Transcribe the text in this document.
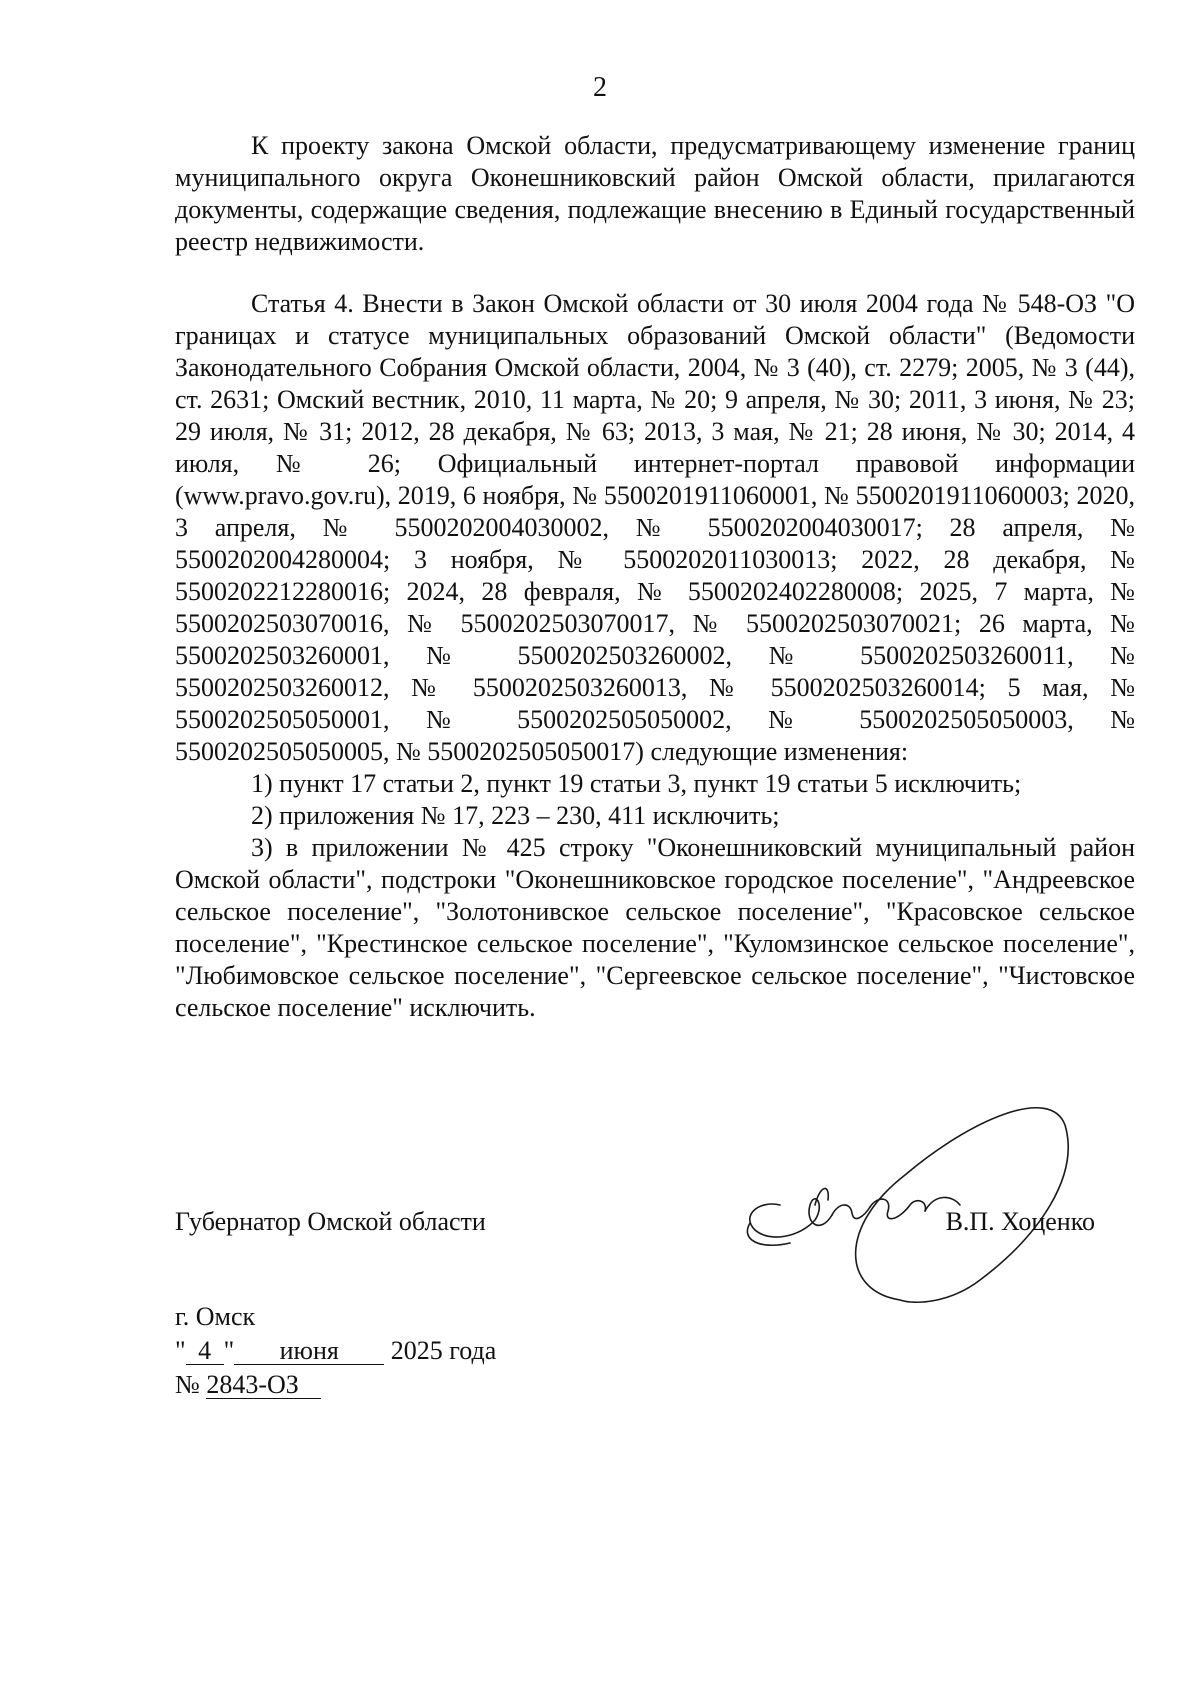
2

К проекту закона Омской области, предусматривающему изменение границ муниципального округа Оконешниковский район Омской области, прилагаются документы, содержащие сведения, подлежащие внесению в Единый государственный реестр недвижимости.

Статья 4. Внести в Закон Омской области от 30 июля 2004 года № 548-ОЗ "О границах и статусе муниципальных образований Омской области" (Ведомости Законодательного Собрания Омской области, 2004, № 3 (40), ст. 2279; 2005, № 3 (44), ст. 2631; Омский вестник, 2010, 11 марта, № 20; 9 апреля, № 30; 2011, 3 июня, № 23; 29 июля, № 31; 2012, 28 декабря, № 63; 2013, 3 мая, № 21; 28 июня, № 30; 2014, 4 июля, № 26; Официальный интернет-портал правовой информации (www.pravo.gov.ru), 2019, 6 ноября, № 5500201911060001, № 5500201911060003; 2020, 3 апреля, № 5500202004030002, № 5500202004030017; 28 апреля, № 5500202004280004; 3 ноября, № 5500202011030013; 2022, 28 декабря, № 5500202212280016; 2024, 28 февраля, № 5500202402280008; 2025, 7 марта, № 5500202503070016, № 5500202503070017, № 5500202503070021; 26 марта, № 5500202503260001, № 5500202503260002, № 5500202503260011, № 5500202503260012, № 5500202503260013, № 5500202503260014; 5 мая, № 5500202505050001, № 5500202505050002, № 5500202505050003, № 5500202505050005, № 5500202505050017) следующие изменения:

1) пункт 17 статьи 2, пункт 19 статьи 3, пункт 19 статьи 5 исключить;

2) приложения № 17, 223 – 230, 411 исключить;

3) в приложении № 425 строку "Оконешниковский муниципальный район Омской области", подстроки "Оконешниковское городское поселение", "Андреевское сельское поселение", "Золотонивское сельское поселение", "Красовское сельское поселение", "Крестинское сельское поселение", "Куломзинское сельское поселение", "Любимовское сельское поселение", "Сергеевское сельское поселение", "Чистовское сельское поселение" исключить.

Губернатор Омской области	В.П. Хоценко
г. Омск
" 4 " июня 2025 года
№ 2843-ОЗ
